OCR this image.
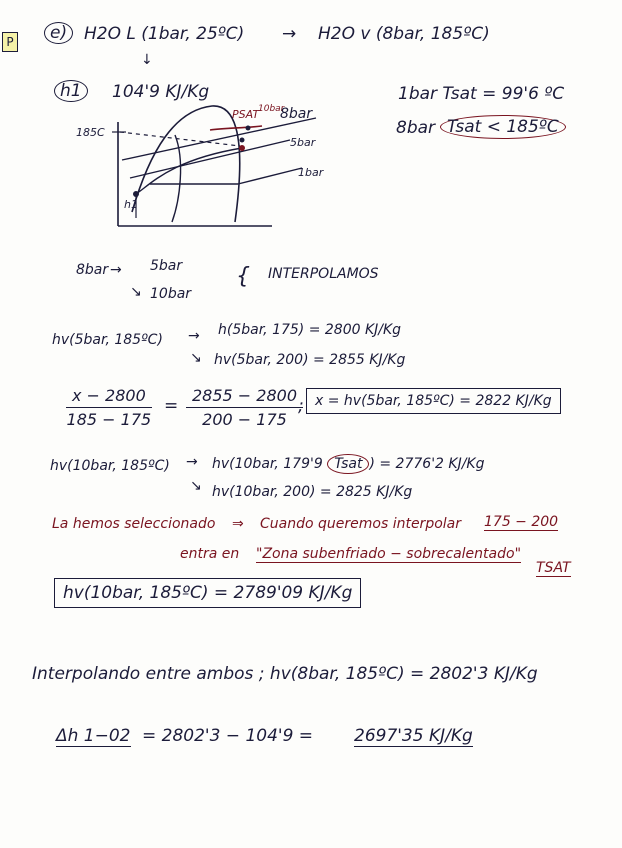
P	e) H2O L (1bar, 25ºC) → H2O v (8bar, 185ºC)
↓
h1	104'9 KJ/Kg	1bar Tsat = 99'6 ºC
8bar Tsat < 185ºC
185C
PSAT
10bar
8bar
5bar
1bar
h1
8bar → 5bar
↘ 10bar
{ INTERPOLAMOS
hv(5bar, 185ºC) → h(5bar, 175) = 2800 KJ/Kg
↘ hv(5bar, 200) = 2855 KJ/Kg
$\frac{x - 2800}{185 - 175} = \frac{2855 - 2800}{200 - 175}$
; x = hv(5bar, 185ºC) = 2822 KJ/Kg
hv(10bar, 185ºC) → hv(10bar, 179'9 Tsat ) = 2776'2 KJ/Kg
↘ hv(10bar, 200) = 2825 KJ/Kg
La hemos seleccionado ⇒ Cuando queremos interpolar 175 − 200
entra en "Zona subenfriado − sobrecalentado"
TSAT
hv(10bar, 185ºC) = 2789'09 KJ/Kg
Interpolando entre ambos ; hv(8bar, 185ºC) = 2802'3 KJ/Kg
Δh 1−02 = 2802'3 − 104'9 = 2697'35 KJ/Kg
